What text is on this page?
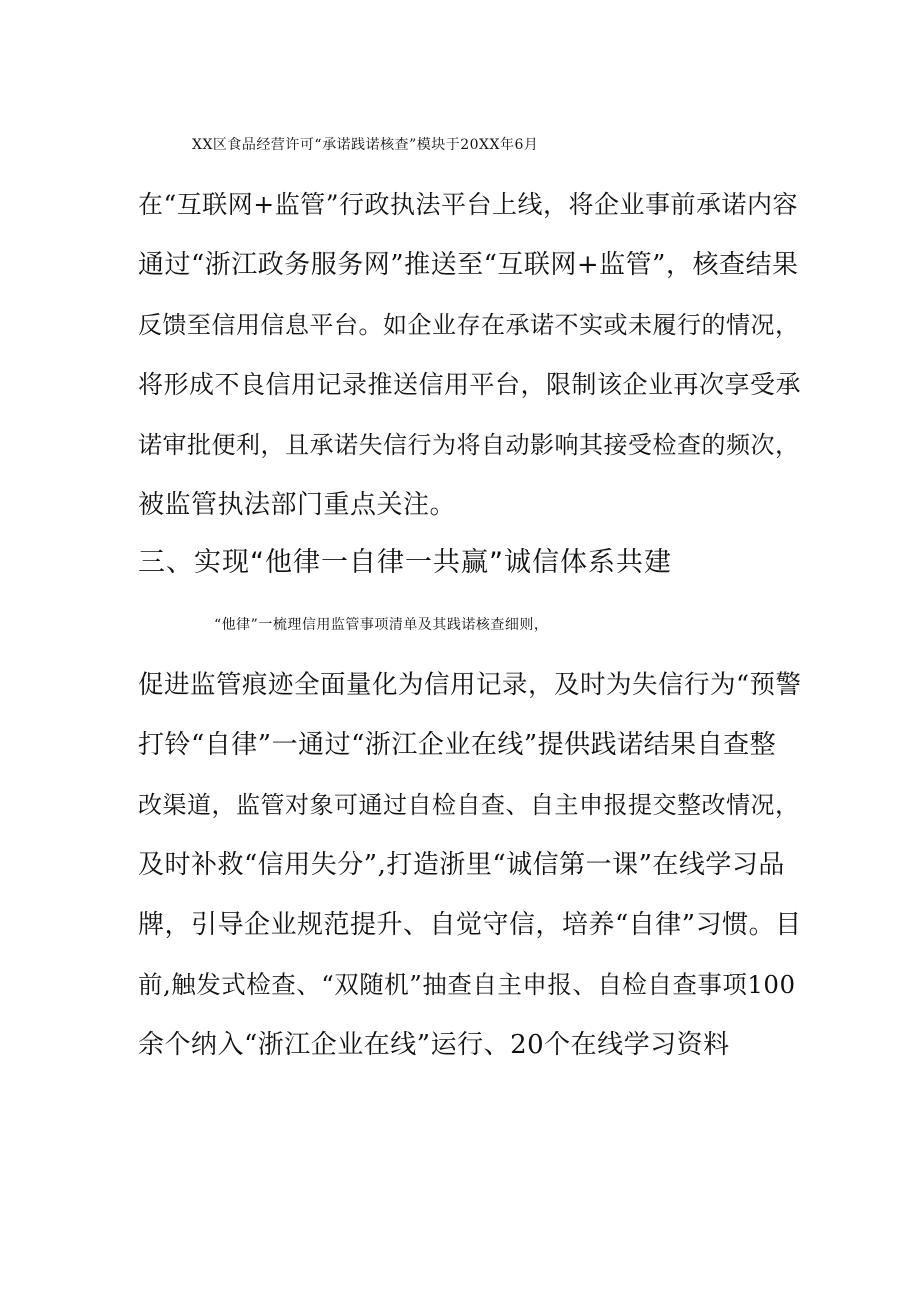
XX区食品经营许可“承诺践诺核查”模块于20XX年6月
在“互联网+监管”行政执法平台上线，将企业事前承诺内容
通过“浙江政务服务网”推送至“互联网+监管”，核查结果
反馈至信用信息平台。如企业存在承诺不实或未履行的情况，
将形成不良信用记录推送信用平台，限制该企业再次享受承
诺审批便利，且承诺失信行为将自动影响其接受检查的频次，
被监管执法部门重点关注。
三、实现“他律一自律一共赢”诚信体系共建
“他律”一梳理信用监管事项清单及其践诺核查细则，
促进监管痕迹全面量化为信用记录，及时为失信行为“预警
打铃“自律”一通过“浙江企业在线”提供践诺结果自查整
改渠道，监管对象可通过自检自查、自主申报提交整改情况，
及时补救“信用失分”,打造浙里“诚信第一课”在线学习品
牌，引导企业规范提升、自觉守信，培养“自律”习惯。目
前,触发式检查、“双随机”抽查自主申报、自检自查事项100
余个纳入“浙江企业在线”运行、20个在线学习资料
